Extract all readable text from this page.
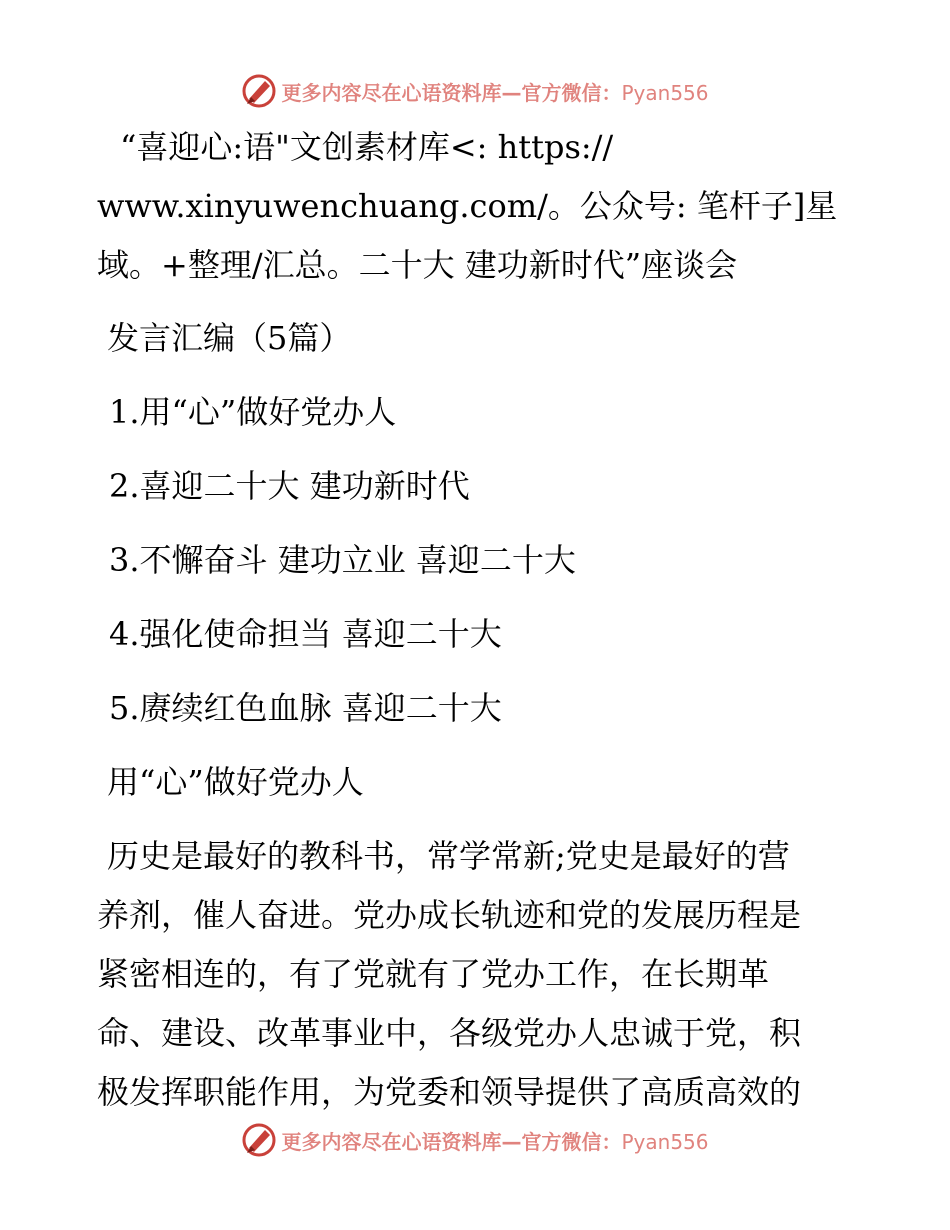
更多内容尽在心语资料库—官方微信：Pyan556
“喜迎心:语"文创素材库<: https://
www.xinyuwenchuang.com/。公众号: 笔杆子]星
域。+整理/汇总。二十大 建功新时代”座谈会
发言汇编（5篇）
1.用“心”做好党办人
2.喜迎二十大 建功新时代
3.不懈奋斗 建功立业 喜迎二十大
4.强化使命担当 喜迎二十大
5.赓续红色血脉 喜迎二十大
用“心”做好党办人
历史是最好的教科书，常学常新;党史是最好的营
养剂，催人奋进。党办成长轨迹和党的发展历程是
紧密相连的，有了党就有了党办工作，在长期革
命、建设、改革事业中，各级党办人忠诚于党，积
极发挥职能作用，为党委和领导提供了高质高效的
更多内容尽在心语资料库—官方微信：Pyan556
